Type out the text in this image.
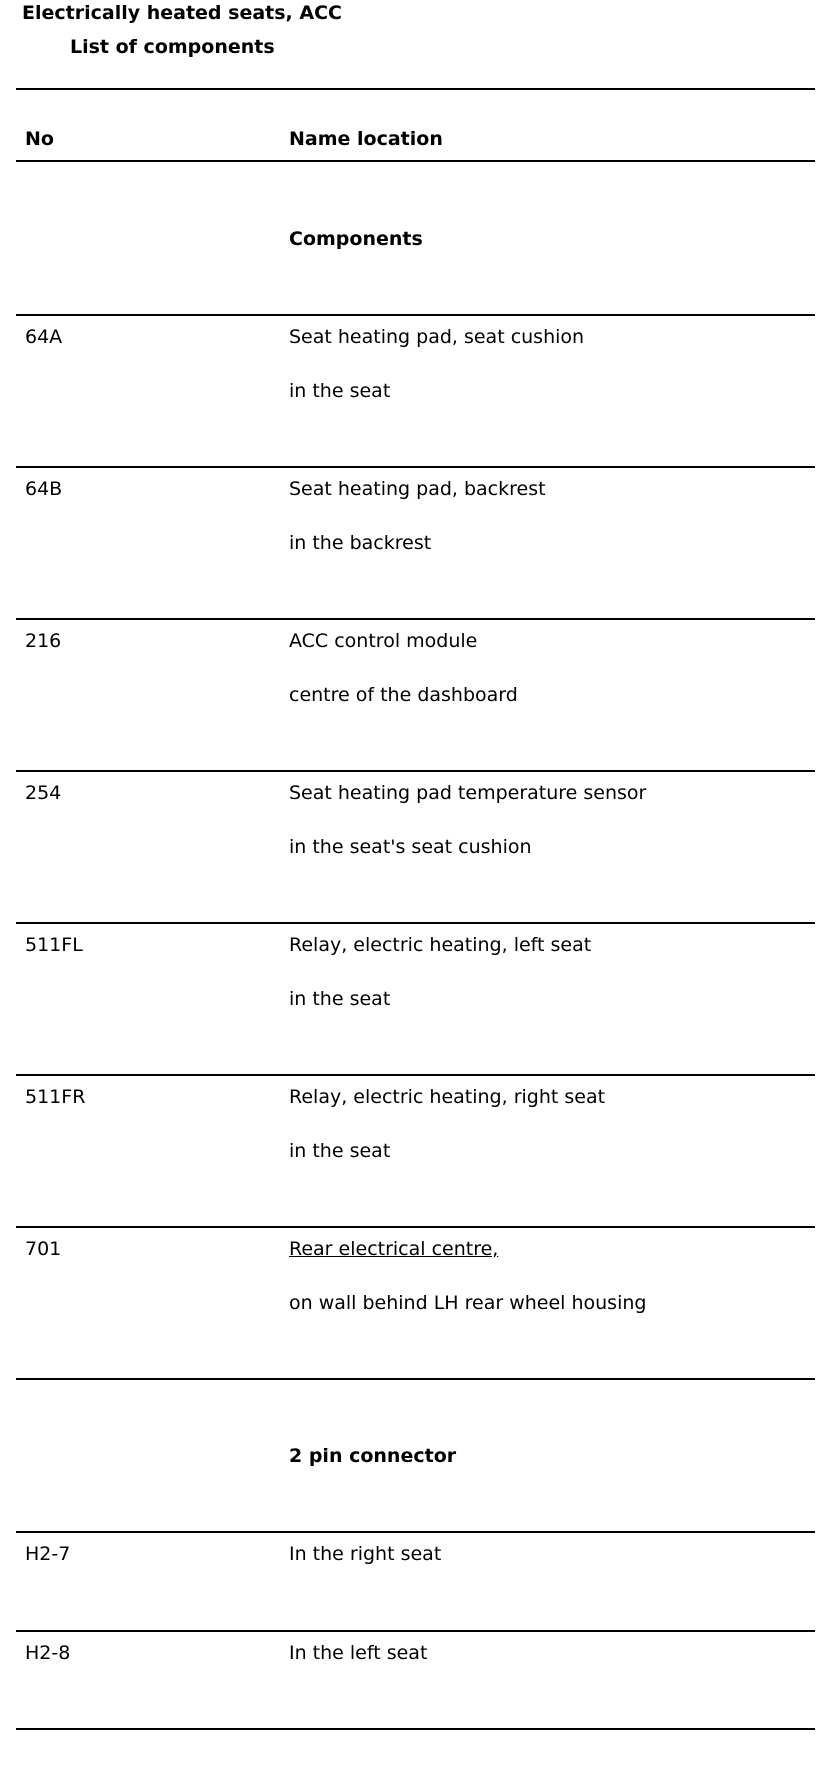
Electrically heated seats, ACC
List of components
No	Name location
Components
64A	Seat heating pad, seat cushion
in the seat
64B	Seat heating pad, backrest
in the backrest
216	ACC control module
centre of the dashboard
254	Seat heating pad temperature sensor
in the seat's seat cushion
511FL	Relay, electric heating, left seat
in the seat
511FR	Relay, electric heating, right seat
in the seat
701	Rear electrical centre,
on wall behind LH rear wheel housing
2 pin connector
H2-7	In the right seat
H2-8	In the left seat
